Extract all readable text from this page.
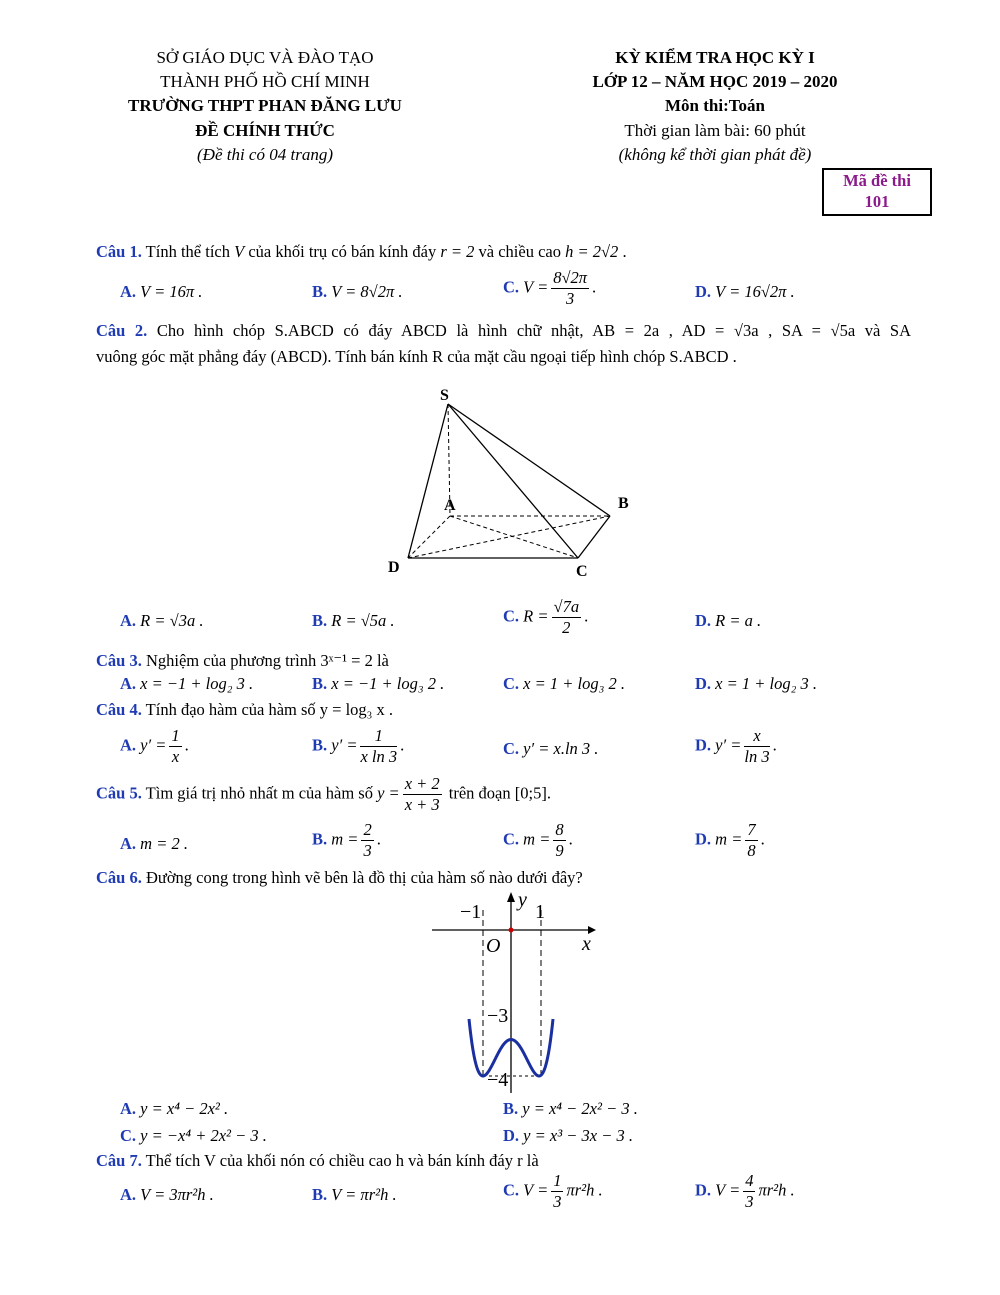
SỞ GIÁO DỤC VÀ ĐÀO TẠO
THÀNH PHỐ HỒ CHÍ MINH
TRƯỜNG THPT PHAN ĐĂNG LƯU
ĐỀ CHÍNH THỨC
(Đề thi có 04 trang)
KỲ KIỂM TRA HỌC KỲ I
LỚP 12 – NĂM HỌC 2019 – 2020
Môn thi:Toán
Thời gian làm bài: 60 phút
(không kể thời gian phát đề)
Mã đề thi
101
Câu 1. Tính thể tích V của khối trụ có bán kính đáy r = 2 và chiều cao h = 2√2 .
A. V = 16π .	B. V = 8√2π .	C. $V = \frac{8√2\pi}{3}$ .	D. V = 16√2π .
Câu 2. Cho hình chóp S.ABCD có đáy ABCD là hình chữ nhật, AB = 2a , AD = √3a , SA = √5a và SA
vuông góc mặt phẳng đáy (ABCD). Tính bán kính R của mặt cầu ngoại tiếp hình chóp S.ABCD .
S
A	B
C
D
A. R = √3a .	B. R = √5a .	C. $R = \frac{√7a}{2}$ .	D. R = a .
Câu 3. Nghiệm của phương trình 3ˣ⁻¹ = 2 là
A. x = −1 + log₂ 3 .	B. x = −1 + log₃ 2 .	C. x = 1 + log₃ 2 .	D. x = 1 + log₂ 3 .
Câu 4. Tính đạo hàm của hàm số y = log₃ x .
A. $y' = \frac{1}{x}$ .	B. $y' = \frac{1}{\text{x ln 3}}$ .	C. y′ = x.ln 3 .	D. $y' = \frac{x}{\ln 3}$ .
Câu 5. Tìm giá trị nhỏ nhất m của hàm số $y = \frac{x + 2}{x + 3}$ trên đoạn [0;5].
A. m = 2 .	B. $m = \frac{2}{3}$ .	C. $m = \frac{8}{9}$ .	D. $m = \frac{7}{8}$ .
Câu 6. Đường cong trong hình vẽ bên là đồ thị của hàm số nào dưới đây?
y
x
O
−1	1
−3
−4
A. y = x⁴ − 2x² .	B. y = x⁴ − 2x² − 3 .
C. y = −x⁴ + 2x² − 3 .	D. y = x³ − 3x − 3 .
Câu 7. Thể tích V của khối nón có chiều cao h và bán kính đáy r là
A. V = 3πr²h .	B. V = πr²h .	C. $V = \frac{1}{3} \pi r^2h$ .	D. $V = \frac{4}{3} \pi r^2h$ .
